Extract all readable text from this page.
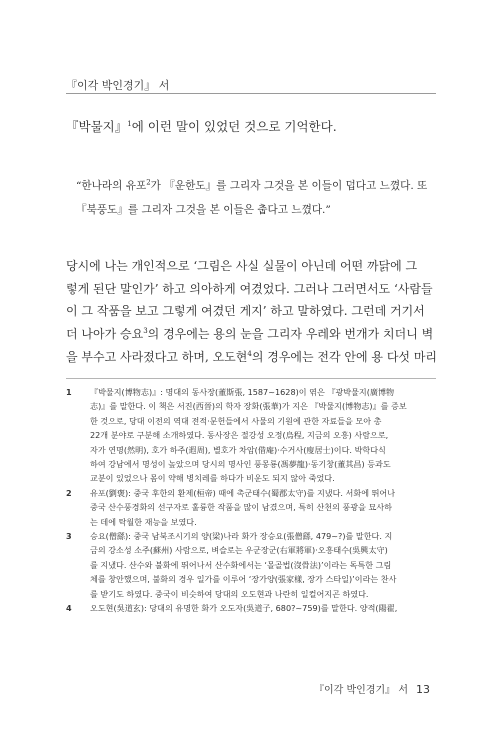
『이각 박인경기』 서
『박물지』$^1$에 이런 말이 있었던 것으로 기억한다.
“한나라의 유포$^2$가 『운한도』를 그리자 그것을 본 이들이 덥다고 느꼈다. 또
『북풍도』를 그리자 그것을 본 이들은 춥다고 느꼈다.”
당시에 나는 개인적으로 ‘그림은 사실 실물이 아닌데 어떤 까닭에 그
렇게 된단 말인가’ 하고 의아하게 여겼었다. 그러나 그러면서도 ‘사람들
이 그 작품을 보고 그렇게 여겼던 게지’ 하고 말하였다. 그런데 거기서
더 나아가 승요$^3$의 경우에는 용의 눈을 그리자 우레와 번개가 치더니 벽
을 부수고 사라졌다고 하며, 오도현$^4$의 경우에는 전각 안에 용 다섯 마리
1 『박물지(博物志)』: 명대의 동사장(董斯張, 1587~1628)이 엮은 『광박물지(廣博物
志)』를 말한다. 이 책은 서진(西晉)의 학자 장화(張華)가 지은 『박물지(博物志)』를 증보
한 것으로, 당대 이전의 역대 전적·문헌들에서 사물의 기원에 관한 자료들을 모아 총
22개 분야로 구분해 소개하였다. 동사장은 절강성 오정(烏程, 지금의 오흥) 사람으로,
자가 연명(然明), 호가 하주(遐周), 별호가 차암(借庵)·수거사(廋居士)이다. 박학다식
하여 강남에서 명성이 높았으며 당시의 명사인 풍몽룡(馮夢龍)·동기창(董其昌) 등과도
교분이 있었으나 몸이 약해 병치레를 하다가 비운도 되지 않아 죽었다.
2 유포(劉褒): 중국 후한의 환제(桓帝) 때에 촉군태수(蜀郡太守)를 지냈다. 서화에 뛰어나
중국 산수풍경화의 선구자로 훌륭한 작품을 많이 남겼으며, 특히 산천의 풍광을 묘사하
는 데에 탁월한 재능을 보였다.
3 승요(僧繇): 중국 남북조시기의 양(梁)나라 화가 장승요(張僧繇, 479~?)를 말한다. 지
금의 강소성 소주(蘇州) 사람으로, 벼슬로는 우군장군(右軍將軍)·오흥태수(吳興太守)
를 지냈다. 산수와 불화에 뛰어나서 산수화에서는 ‘몰골법(沒骨法)’이라는 독특한 그림
체를 창안했으며, 불화의 경우 일가를 이루어 ‘장가양(張家樣, 장가 스타일)’이라는 찬사
를 받기도 하였다. 중국이 비슷하여 당대의 오도현과 나란히 일컬어지곤 하였다.
4 오도현(吳道玄): 당대의 유명한 화가 오도자(吳道子, 680?~759)를 말한다. 양적(陽翟,
『이각 박인경기』 서 13
